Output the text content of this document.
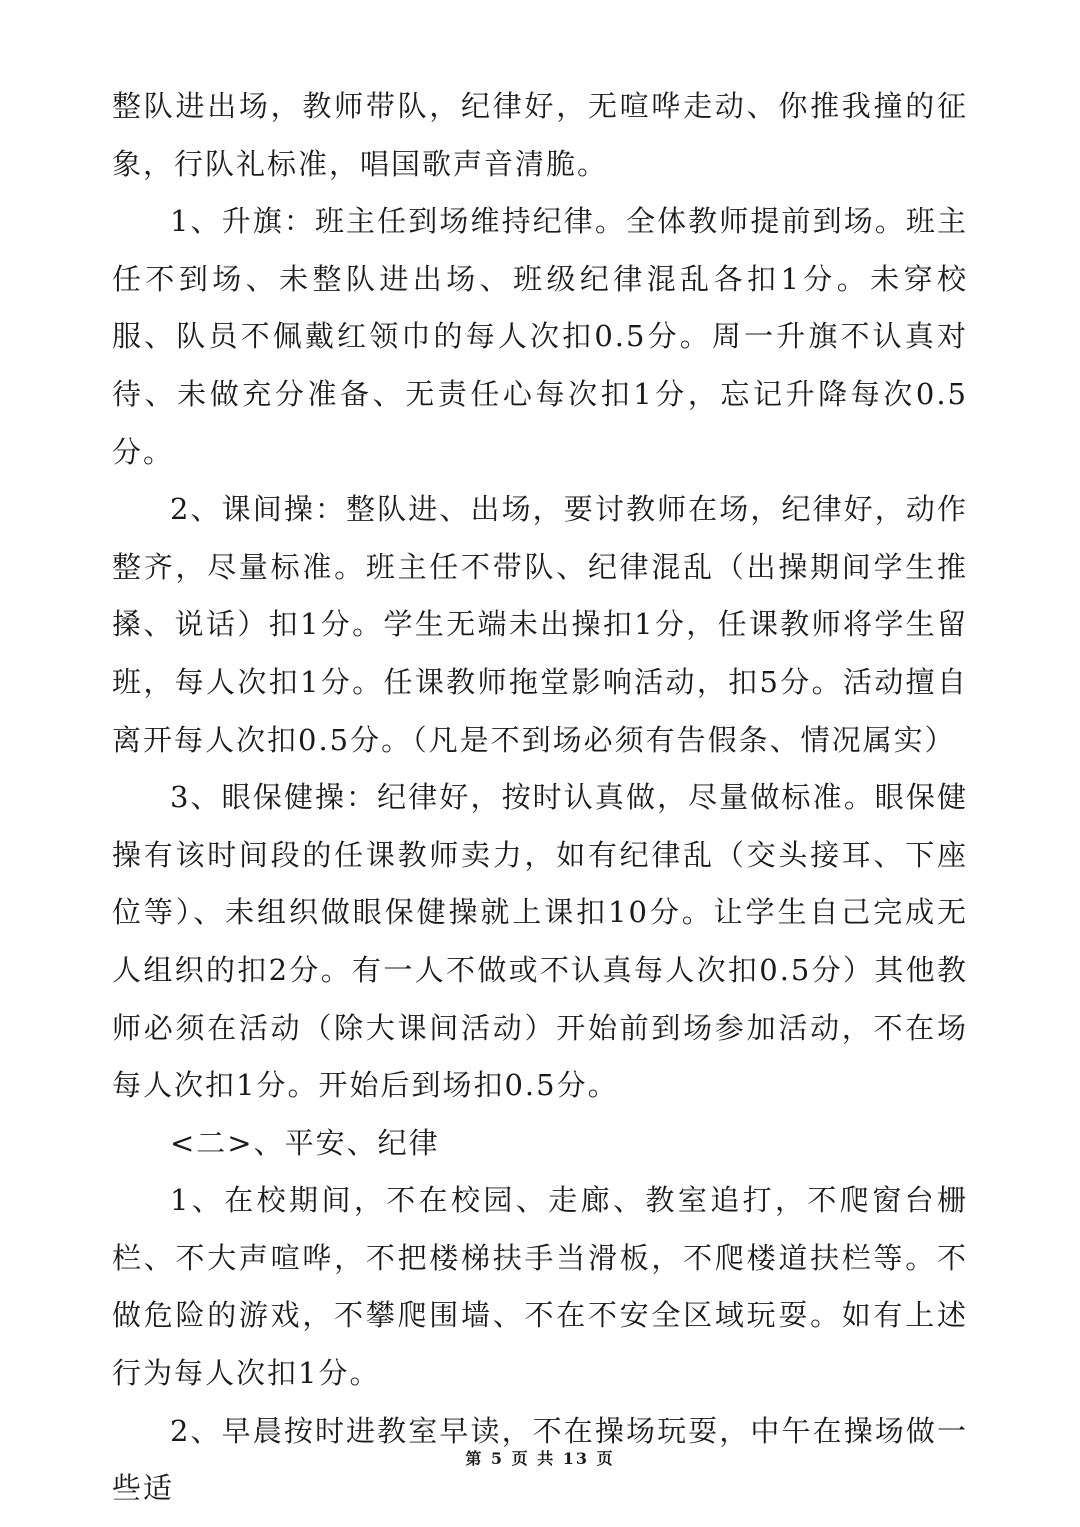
整队进出场，教师带队，纪律好，无喧哗走动、你推我撞的征象，行队礼标准，唱国歌声音清脆。

1、升旗：班主任到场维持纪律。全体教师提前到场。班主任不到场、未整队进出场、班级纪律混乱各扣1分。未穿校服、队员不佩戴红领巾的每人次扣0.5分。周一升旗不认真对待、未做充分准备、无责任心每次扣1分，忘记升降每次0.5分。

2、课间操：整队进、出场，要讨教师在场，纪律好，动作整齐，尽量标准。班主任不带队、纪律混乱（出操期间学生推搡、说话）扣1分。学生无端未出操扣1分，任课教师将学生留班，每人次扣1分。任课教师拖堂影响活动，扣5分。活动擅自离开每人次扣0.5分。（凡是不到场必须有告假条、情况属实）

3、眼保健操：纪律好，按时认真做，尽量做标准。眼保健操有该时间段的任课教师卖力，如有纪律乱（交头接耳、下座位等）、未组织做眼保健操就上课扣10分。让学生自己完成无人组织的扣2分。有一人不做或不认真每人次扣0.5分）其他教师必须在活动（除大课间活动）开始前到场参加活动，不在场每人次扣1分。开始后到场扣0.5分。

<二>、平安、纪律

1、在校期间，不在校园、走廊、教室追打，不爬窗台栅栏、不大声喧哗，不把楼梯扶手当滑板，不爬楼道扶栏等。不做危险的游戏，不攀爬围墙、不在不安全区域玩耍。如有上述行为每人次扣1分。

2、早晨按时进教室早读，不在操场玩耍，中午在操场做一些适

第 5 页 共 13 页
